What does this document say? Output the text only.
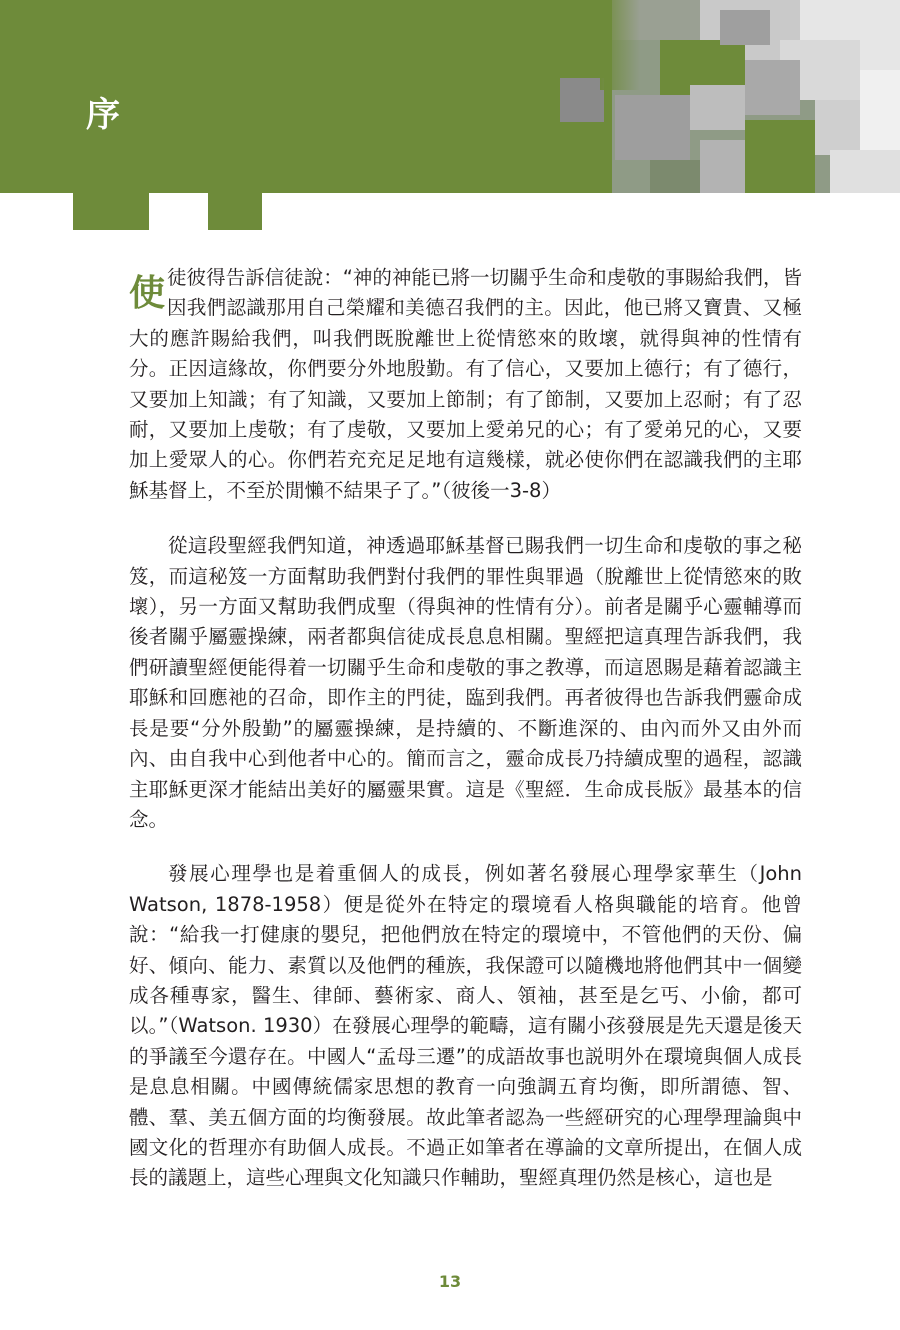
序

使徒彼得告訴信徒說：“神的神能已將一切關乎生命和虔敬的事賜給我們，皆因我們認識那用自己榮耀和美德召我們的主。因此，他已將又寶貴、又極大的應許賜給我們，叫我們既脫離世上從情慾來的敗壞，就得與神的性情有分。正因這緣故，你們要分外地殷勤。有了信心，又要加上德行；有了德行，又要加上知識；有了知識，又要加上節制；有了節制，又要加上忍耐；有了忍耐，又要加上虔敬；有了虔敬，又要加上愛弟兄的心；有了愛弟兄的心，又要加上愛眾人的心。你們若充充足足地有這幾樣，就必使你們在認識我們的主耶穌基督上，不至於閒懶不結果子了。”（彼後一3-8）

從這段聖經我們知道，神透過耶穌基督已賜我們一切生命和虔敬的事之秘笈，而這秘笈一方面幫助我們對付我們的罪性與罪過（脫離世上從情慾來的敗壞），另一方面又幫助我們成聖（得與神的性情有分）。前者是關乎心靈輔導而後者關乎屬靈操練，兩者都與信徒成長息息相關。聖經把這真理告訴我們，我們研讀聖經便能得着一切關乎生命和虔敬的事之教導，而這恩賜是藉着認識主耶穌和回應祂的召命，即作主的門徒，臨到我們。再者彼得也告訴我們靈命成長是要“分外殷勤”的屬靈操練，是持續的、不斷進深的、由內而外又由外而內、由自我中心到他者中心的。簡而言之，靈命成長乃持續成聖的過程，認識主耶穌更深才能結出美好的屬靈果實。這是《聖經．生命成長版》最基本的信念。

發展心理學也是着重個人的成長，例如著名發展心理學家華生（John Watson, 1878-1958）便是從外在特定的環境看人格與職能的培育。他曾說：“給我一打健康的嬰兒，把他們放在特定的環境中，不管他們的天份、偏好、傾向、能力、素質以及他們的種族，我保證可以隨機地將他們其中一個變成各種專家，醫生、律師、藝術家、商人、領袖，甚至是乞丐、小偷，都可以。”（Watson. 1930）在發展心理學的範疇，這有關小孩發展是先天還是後天的爭議至今還存在。中國人“孟母三遷”的成語故事也説明外在環境與個人成長是息息相關。中國傳統儒家思想的教育一向強調五育均衡，即所謂德、智、體、羣、美五個方面的均衡發展。故此筆者認為一些經研究的心理學理論與中國文化的哲理亦有助個人成長。不過正如筆者在導論的文章所提出，在個人成長的議題上，這些心理與文化知識只作輔助，聖經真理仍然是核心，這也是

13
